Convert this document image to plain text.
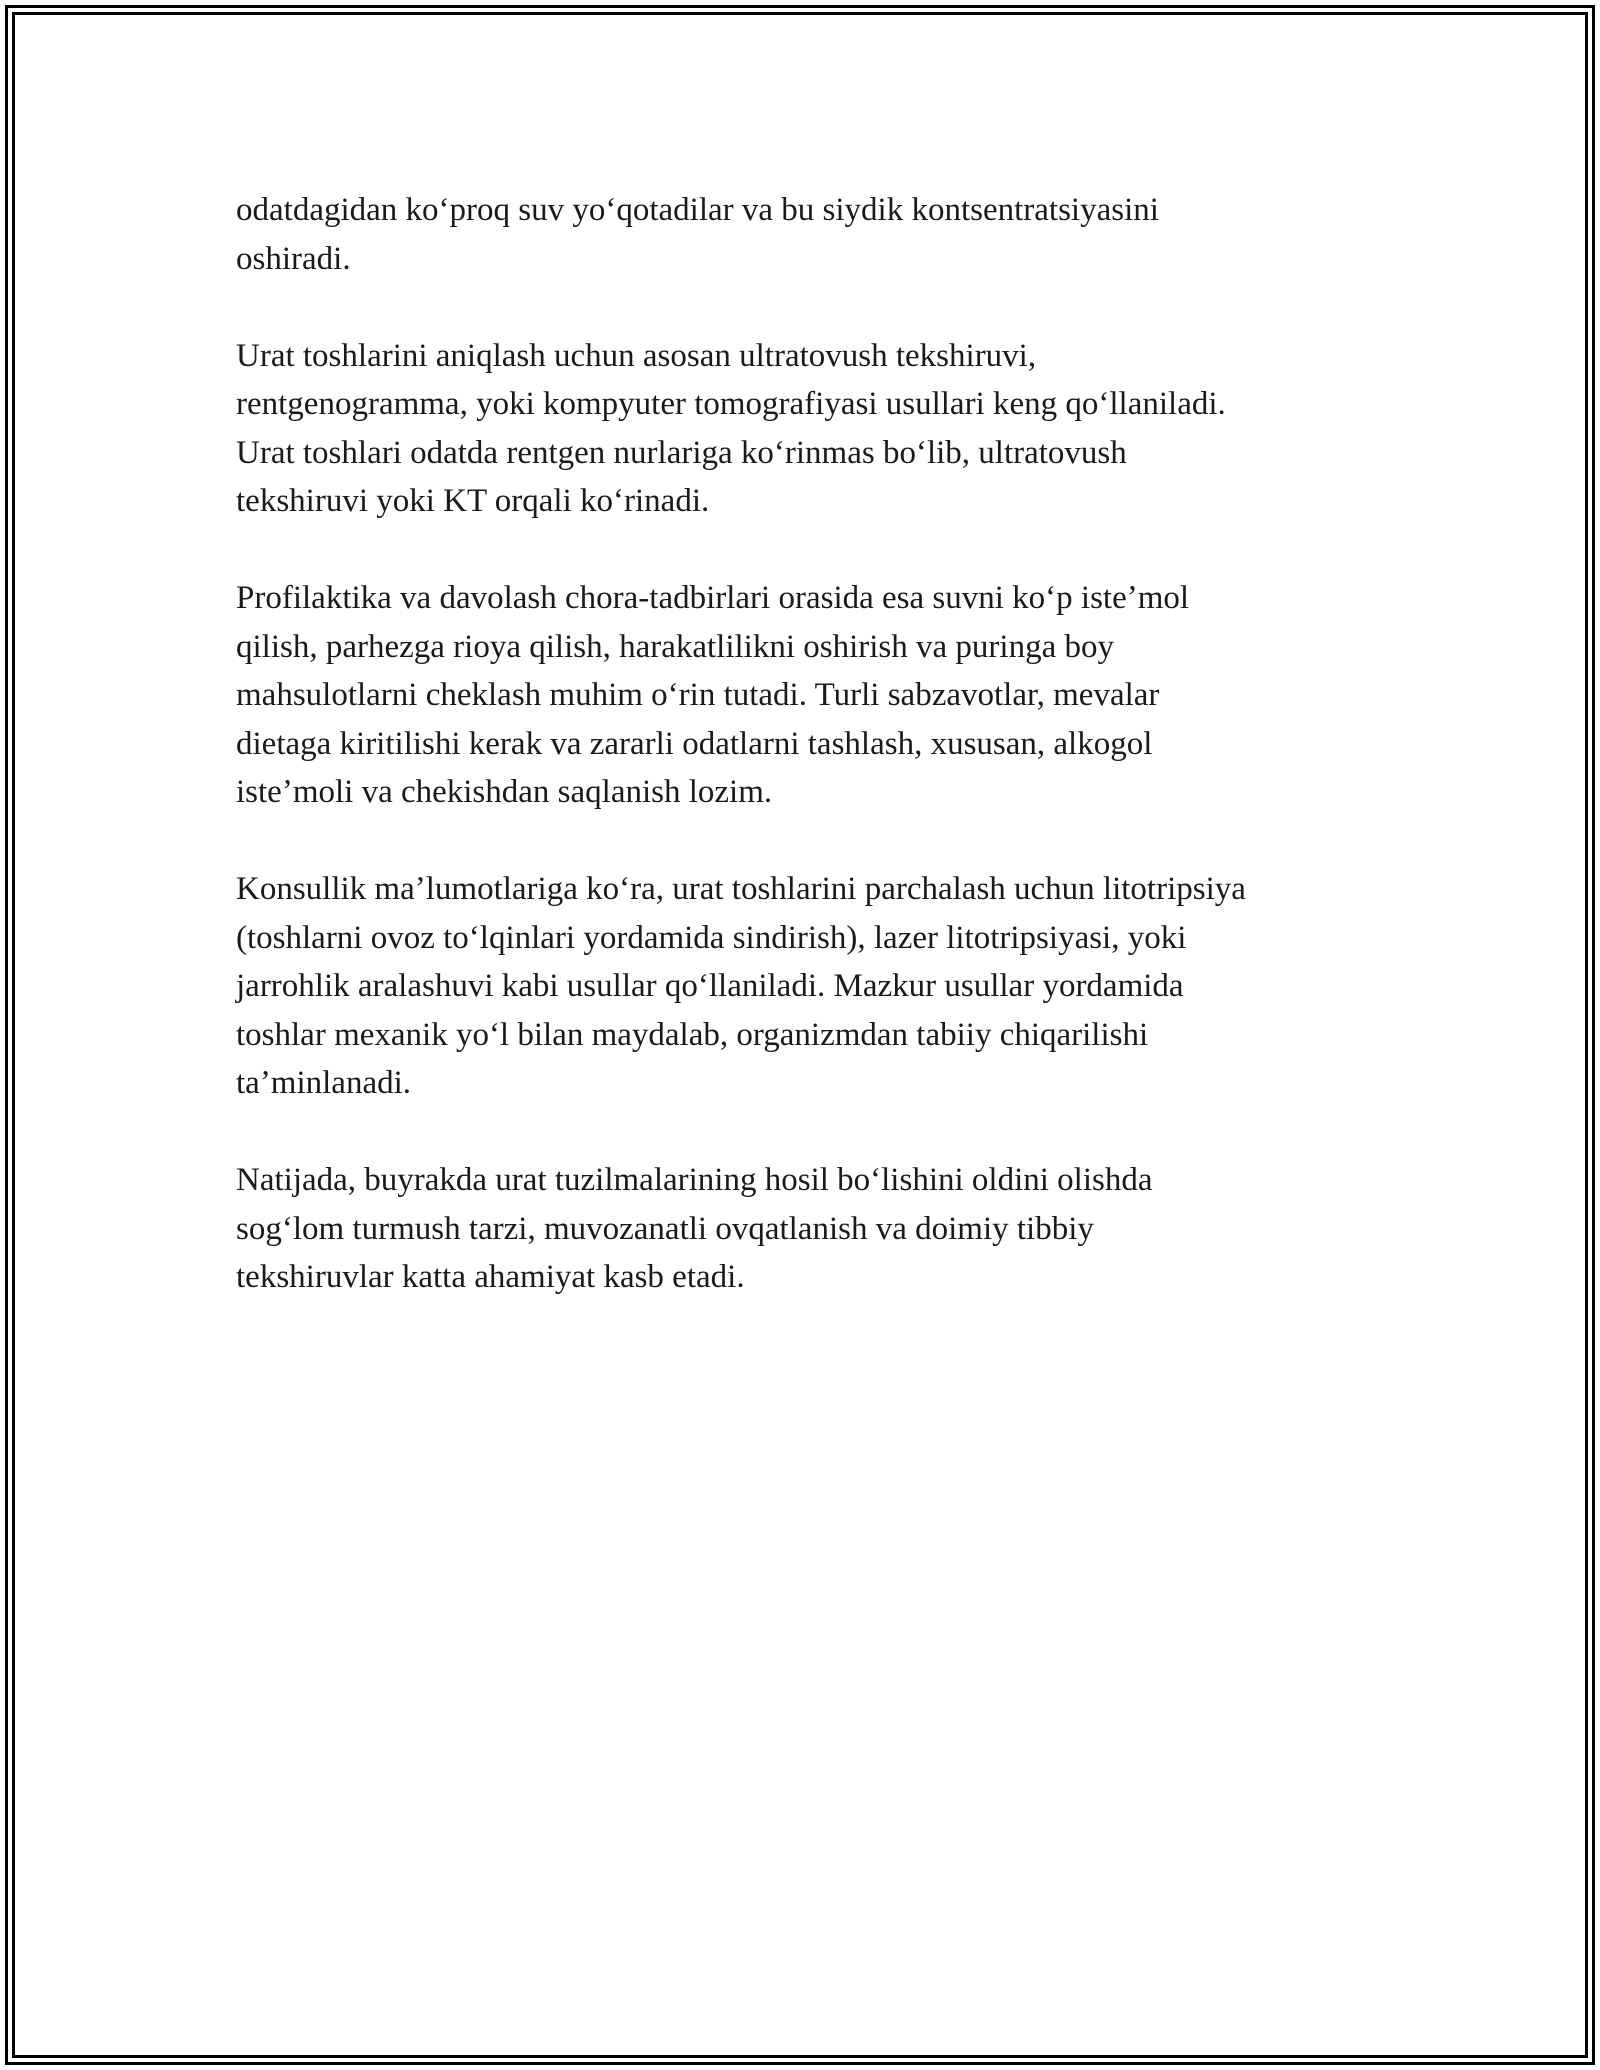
odatdagidan koʻproq suv yoʻqotadilar va bu siydik kontsentratsiyasini
oshiradi.

Urat toshlarini aniqlash uchun asosan ultratovush tekshiruvi,
rentgenogramma, yoki kompyuter tomografiyasi usullari keng qoʻllaniladi.
Urat toshlari odatda rentgen nurlariga koʻrinmas boʻlib, ultratovush
tekshiruvi yoki KT orqali koʻrinadi.

Profilaktika va davolash chora-tadbirlari orasida esa suvni koʻp isteʼmol
qilish, parhezga rioya qilish, harakatlilikni oshirish va puringa boy
mahsulotlarni cheklash muhim oʻrin tutadi. Turli sabzavotlar, mevalar
dietaga kiritilishi kerak va zararli odatlarni tashlash, xususan, alkogol
isteʼmoli va chekishdan saqlanish lozim.

Konsullik maʼlumotlariga koʻra, urat toshlarini parchalash uchun litotripsiya
(toshlarni ovoz toʻlqinlari yordamida sindirish), lazer litotripsiyasi, yoki
jarrohlik aralashuvi kabi usullar qoʻllaniladi. Mazkur usullar yordamida
toshlar mexanik yoʻl bilan maydalab, organizmdan tabiiy chiqarilishi
taʼminlanadi.

Natijada, buyrakda urat tuzilmalarining hosil boʻlishini oldini olishda
sogʻlom turmush tarzi, muvozanatli ovqatlanish va doimiy tibbiy
tekshiruvlar katta ahamiyat kasb etadi.
